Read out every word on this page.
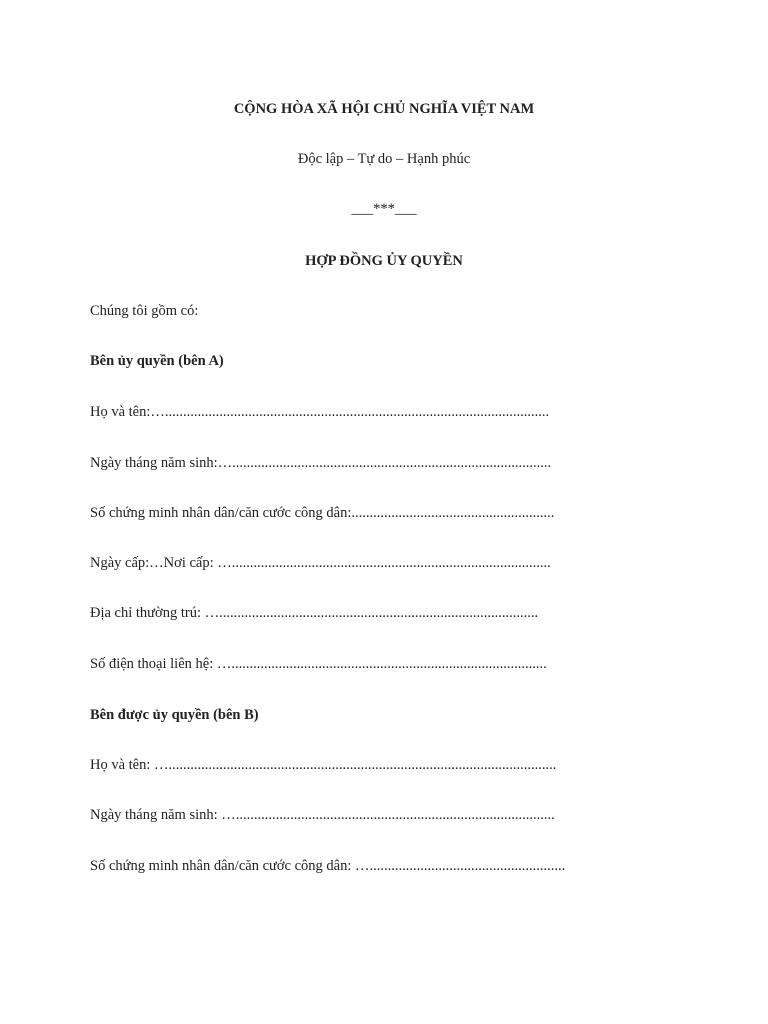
CỘNG HÒA XÃ HỘI CHỦ NGHĨA VIỆT NAM
Độc lập – Tự do – Hạnh phúc
___***___
HỢP ĐỒNG ỦY QUYỀN
Chúng tôi gồm có:
Bên ủy quyền (bên A)
Họ và tên:…..........................................................................................................
Ngày tháng năm sinh:…........................................................................................
Số chứng minh nhân dân/căn cước công dân:........................................................
Ngày cấp:…Nơi cấp: …........................................................................................
Địa chỉ thường trú: …........................................................................................
Số điện thoại liên hệ: ….......................................................................................
Bên được ủy quyền (bên B)
Họ và tên: …...........................................................................................................
Ngày tháng năm sinh: …........................................................................................
Số chứng minh nhân dân/căn cước công dân: …......................................................
